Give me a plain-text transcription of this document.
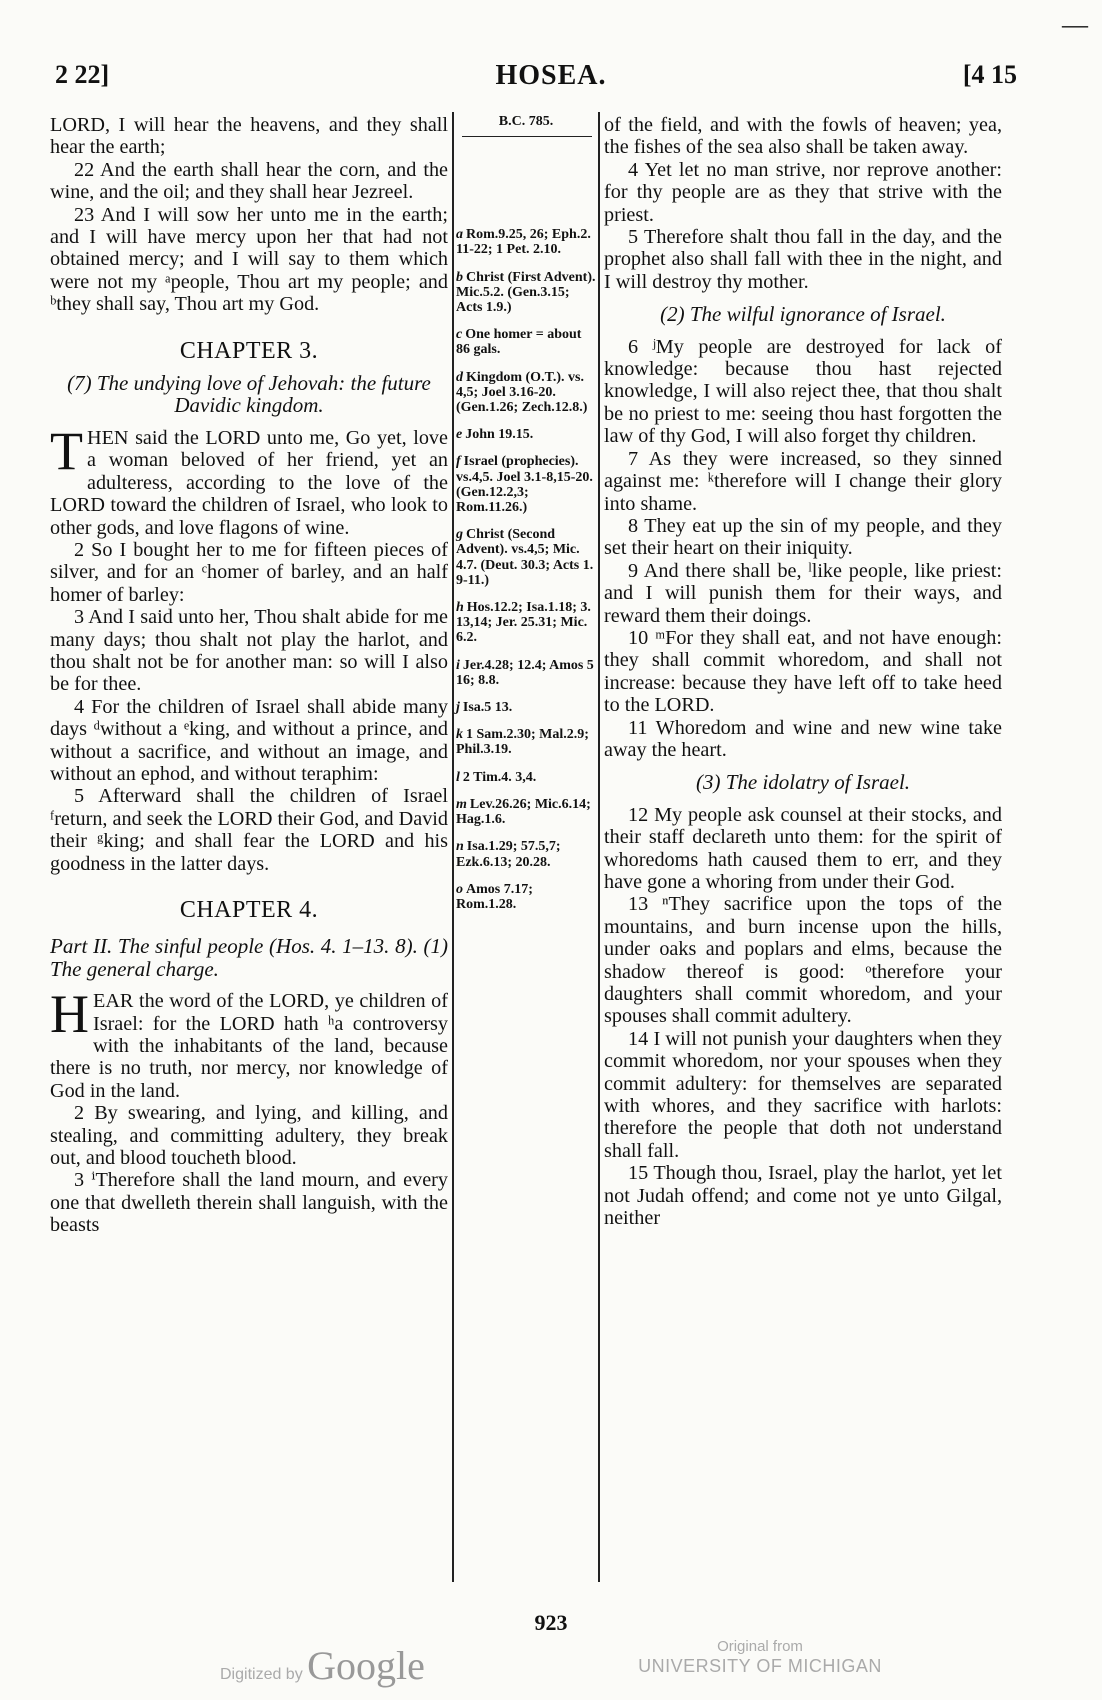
—
2 22]	HOSEA.	[4 15

LORD, I will hear the heavens, and they shall hear the earth;

22 And the earth shall hear the corn, and the wine, and the oil; and they shall hear Jezreel.

23 And I will sow her unto me in the earth; and I will have mercy upon her that had not obtained mercy; and I will say to them which were not my ᵃpeople, Thou art my people; and ᵇthey shall say, Thou art my God.

CHAPTER 3.
(7) The undying love of Jehovah: the future Davidic kingdom.

T HEN said the LORD unto me, Go yet, love a woman beloved of her friend, yet an adulteress, according to the love of the LORD toward the children of Israel, who look to other gods, and love flagons of wine.

2 So I bought her to me for fifteen pieces of silver, and for an ᶜhomer of barley, and an half homer of barley:

3 And I said unto her, Thou shalt abide for me many days; thou shalt not play the harlot, and thou shalt not be for another man: so will I also be for thee.

4 For the children of Israel shall abide many days ᵈwithout a ᵉking, and without a prince, and without a sacrifice, and without an image, and without an ephod, and without teraphim:

5 Afterward shall the children of Israel ᶠreturn, and seek the LORD their God, and David their ᵍking; and shall fear the LORD and his goodness in the latter days.

CHAPTER 4.
Part II. The sinful people (Hos. 4. 1–13. 8). (1) The general charge.

H EAR the word of the LORD, ye children of Israel: for the LORD hath ʰa controversy with the inhabitants of the land, because there is no truth, nor mercy, nor knowledge of God in the land.

2 By swearing, and lying, and killing, and stealing, and committing adultery, they break out, and blood toucheth blood.

3 ⁱTherefore shall the land mourn, and every one that dwelleth therein shall languish, with the beasts

B.C. 785.
a Rom.9.25, 26; Eph.2. 11-22; 1 Pet. 2.10.
b Christ (First Advent). Mic.5.2. (Gen.3.15; Acts 1.9.)
c One homer = about 86 gals.
d Kingdom (O.T.). vs. 4,5; Joel 3.16-20. (Gen.1.26; Zech.12.8.)
e John 19.15.
f Israel (prophecies). vs.4,5. Joel 3.1-8,15-20. (Gen.12.2,3; Rom.11.26.)
g Christ (Second Advent). vs.4,5; Mic. 4.7. (Deut. 30.3; Acts 1. 9-11.)
h Hos.12.2; Isa.1.18; 3. 13,14; Jer. 25.31; Mic. 6.2.
i Jer.4.28; 12.4; Amos 5 16; 8.8.
j Isa.5 13.
k 1 Sam.2.30; Mal.2.9; Phil.3.19.
l 2 Tim.4. 3,4.
m Lev.26.26; Mic.6.14; Hag.1.6.
n Isa.1.29; 57.5,7; Ezk.6.13; 20.28.
o Amos 7.17; Rom.1.28.

of the field, and with the fowls of heaven; yea, the fishes of the sea also shall be taken away.

4 Yet let no man strive, nor reprove another: for thy people are as they that strive with the priest.

5 Therefore shalt thou fall in the day, and the prophet also shall fall with thee in the night, and I will destroy thy mother.

(2) The wilful ignorance of Israel.

6 ʲMy people are destroyed for lack of knowledge: because thou hast rejected knowledge, I will also reject thee, that thou shalt be no priest to me: seeing thou hast forgotten the law of thy God, I will also forget thy children.

7 As they were increased, so they sinned against me: ᵏtherefore will I change their glory into shame.

8 They eat up the sin of my people, and they set their heart on their iniquity.

9 And there shall be, ˡlike people, like priest: and I will punish them for their ways, and reward them their doings.

10 ᵐFor they shall eat, and not have enough: they shall commit whoredom, and shall not increase: because they have left off to take heed to the LORD.

11 Whoredom and wine and new wine take away the heart.

(3) The idolatry of Israel.

12 My people ask counsel at their stocks, and their staff declareth unto them: for the spirit of whoredoms hath caused them to err, and they have gone a whoring from under their God.

13 ⁿThey sacrifice upon the tops of the mountains, and burn incense upon the hills, under oaks and poplars and elms, because the shadow thereof is good: ᵒtherefore your daughters shall commit whoredom, and your spouses shall commit adultery.

14 I will not punish your daughters when they commit whoredom, nor your spouses when they commit adultery: for themselves are separated with whores, and they sacrifice with harlots: therefore the people that doth not understand shall fall.

15 Though thou, Israel, play the harlot, yet let not Judah offend; and come not ye unto Gilgal, neither

923
Digitized by Google	Original from
UNIVERSITY OF MICHIGAN
